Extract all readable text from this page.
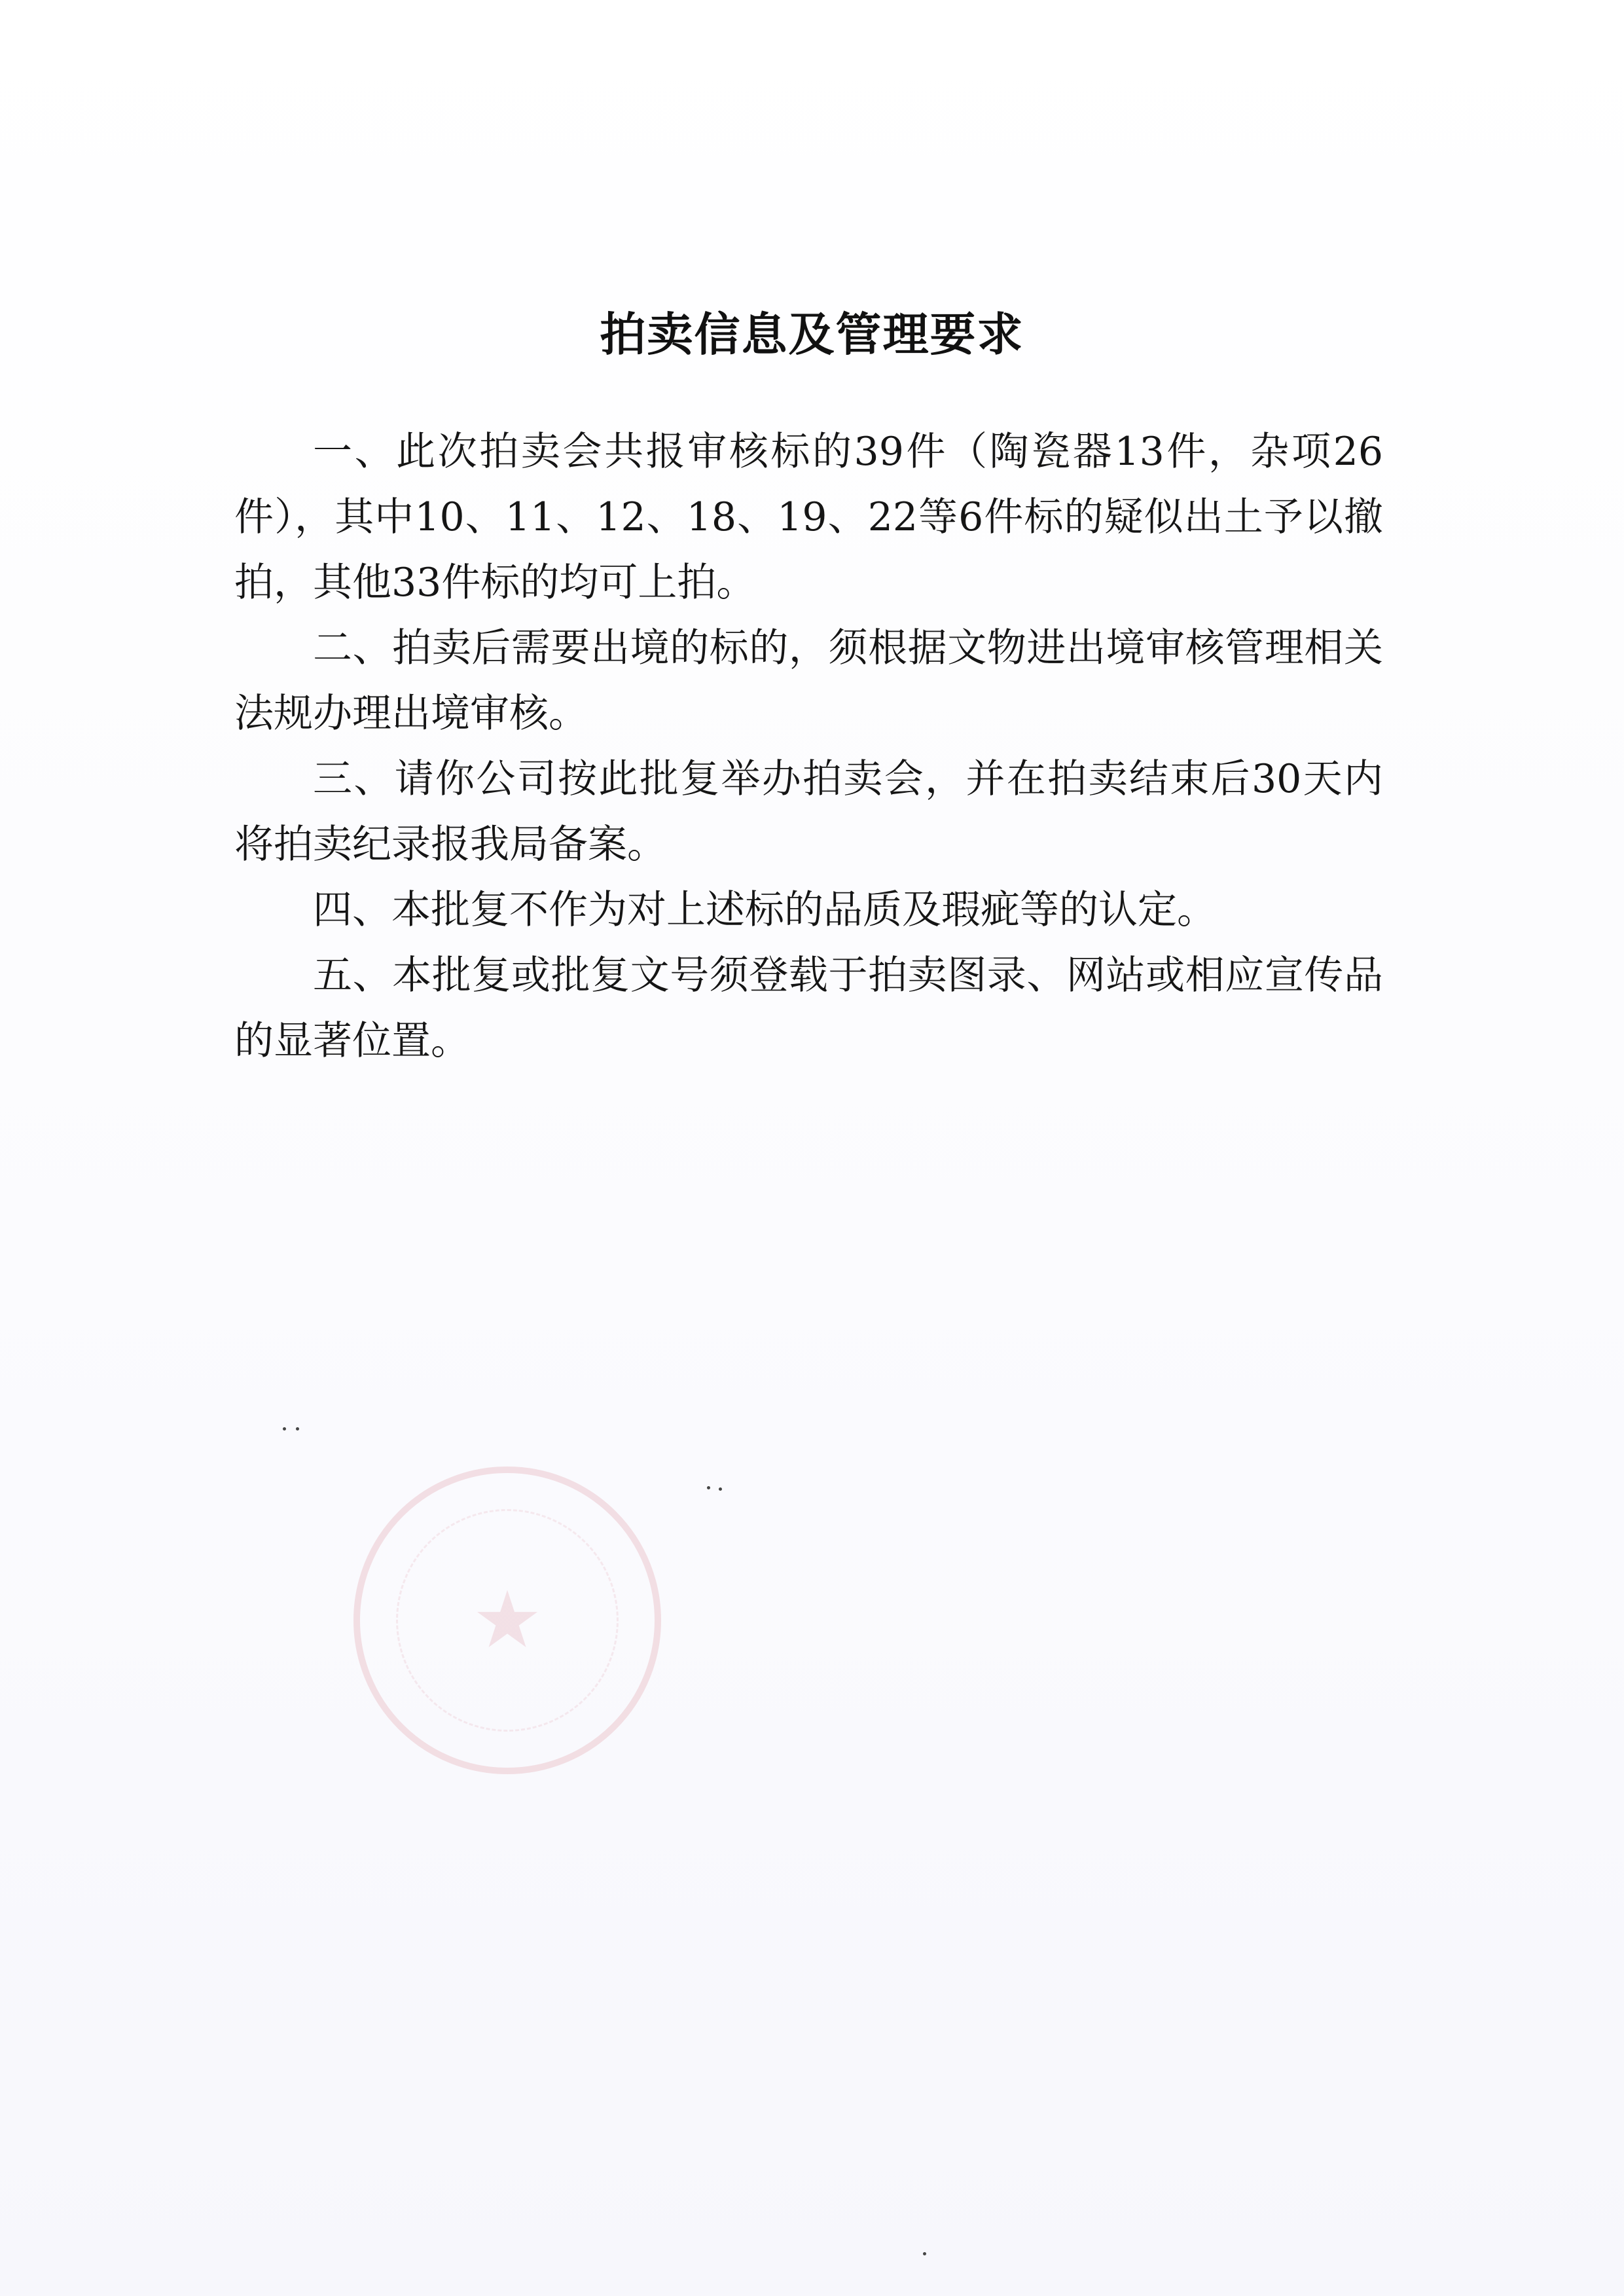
拍卖信息及管理要求
一、此次拍卖会共报审核标的39件（陶瓷器13件，杂项26件），其中10、11、12、18、19、22等6件标的疑似出土予以撤拍，其他33件标的均可上拍。
二、拍卖后需要出境的标的，须根据文物进出境审核管理相关法规办理出境审核。
三、请你公司按此批复举办拍卖会，并在拍卖结束后30天内将拍卖纪录报我局备案。
四、本批复不作为对上述标的品质及瑕疵等的认定。
五、本批复或批复文号须登载于拍卖图录、网站或相应宣传品的显著位置。
★
